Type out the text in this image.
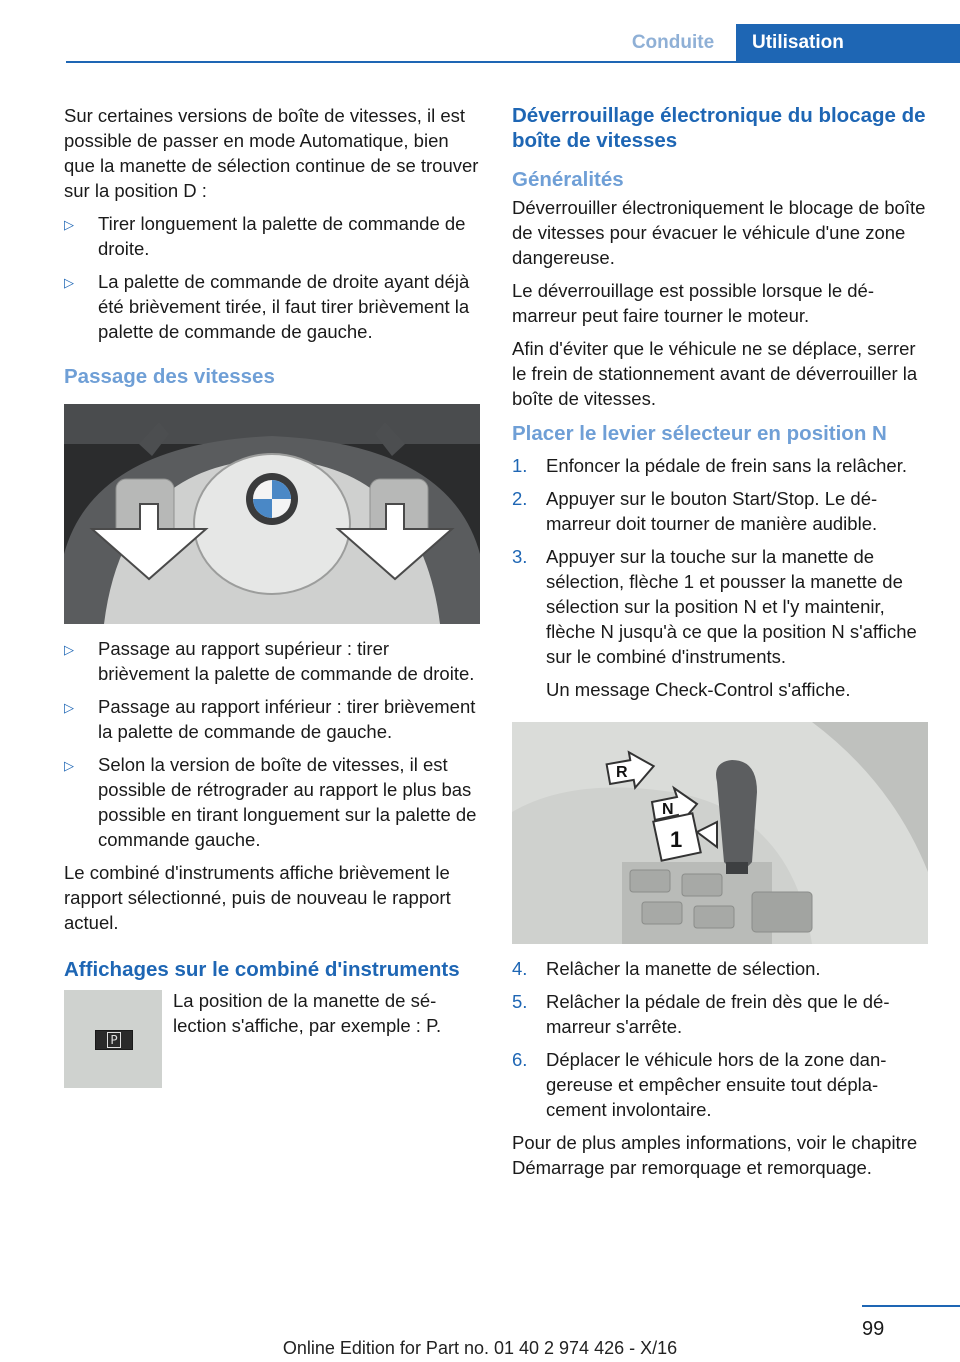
Conduite	Utilisation

Sur certaines versions de boîte de vitesses, il est possible de passer en mode Automatique, bien que la manette de sélection continue de se trouver sur la position D :

▷ Tirer longuement la palette de commande de droite.
▷ La palette de commande de droite ayant déjà été brièvement tirée, il faut tirer brièvement la palette de commande de gauche.
Passage des vitesses
▷ Passage au rapport supérieur : tirer brièvement la palette de commande de droite.
▷ Passage au rapport inférieur : tirer brièvement la palette de commande de gauche.
▷ Selon la version de boîte de vitesses, il est possible de rétrograder au rapport le plus bas possible en tirant longuement sur la palette de commande gauche.

Le combiné d'instruments affiche brièvement le rapport sélectionné, puis de nouveau le rapport actuel.

Affichages sur le combiné d'instruments
P
La position de la manette de sélection s'affiche, par exemple : P.
Déverrouillage électronique du blocage de boîte de vitesses
Généralités

Déverrouiller électroniquement le blocage de boîte de vitesses pour évacuer le véhicule d'une zone dangereuse.

Le déverrouillage est possible lorsque le démarreur peut faire tourner le moteur.

Afin d'éviter que le véhicule ne se déplace, serrer le frein de stationnement avant de déverrouiller la boîte de vitesses.

Placer le levier sélecteur en position N
1. Enfoncer la pédale de frein sans la relâcher.
2. Appuyer sur le bouton Start/Stop. Le démarreur doit tourner de manière audible.
3. Appuyer sur la touche sur la manette de sélection, flèche 1 et pousser la manette de sélection sur la position N et l'y maintenir, flèche N jusqu'à ce que la position N s'affiche sur le combiné d'instruments.

Un message Check-Control s'affiche.

R
N
1
4. Relâcher la manette de sélection.
5. Relâcher la pédale de frein dès que le démarreur s'arrête.
6. Déplacer le véhicule hors de la zone dangereuse et empêcher ensuite tout déplacement involontaire.

Pour de plus amples informations, voir le chapitre Démarrage par remorquage et remorquage.

99
Online Edition for Part no. 01 40 2 974 426 - X/16
